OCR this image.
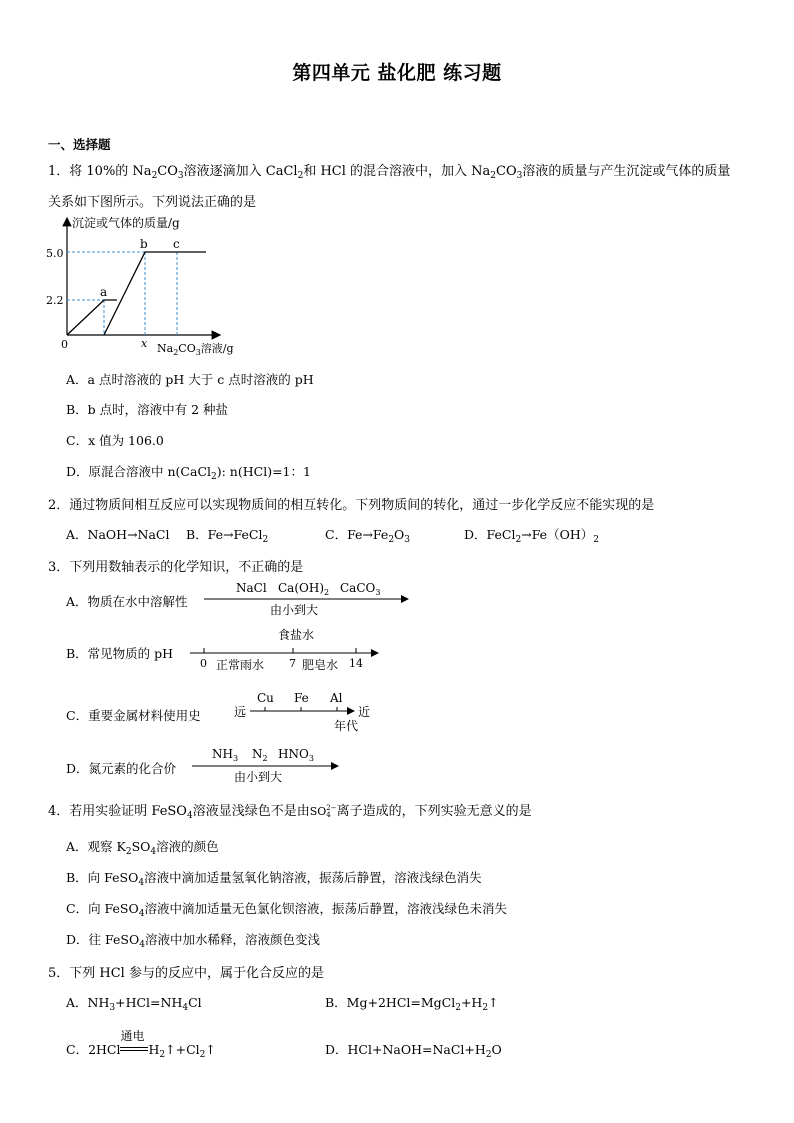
第四单元 盐化肥 练习题
一、选择题
1．将 10%的 $Na_2CO_3$溶液逐滴加入 CaCl$_2$和 HCl 的混合溶液中，加入 $Na_2CO_3$溶液的质量与产生沉淀或气体的质量
关系如下图所示。下列说法正确的是
沉淀或气体的质量/g
5.0
2.2
0
a
b c
x $Na_2CO_3$溶液/g
A．a 点时溶液的 pH 大于 c 点时溶液的 pH
B．b 点时，溶液中有 2 种盐
C．x 值为 106.0
D．原混合溶液中 n(CaCl$_2$): n(HCl)=1：1
2．通过物质间相互反应可以实现物质间的相互转化。下列物质间的转化，通过一步化学反应不能实现的是
A．NaOH→NaCl B．Fe→FeCl$_2$	C．$Fe\to Fe_2O_3$	D．$FeCl_2\to Fe(OH)_2$
3．下列用数轴表示的化学知识，不正确的是
A．物质在水中溶解性
NaCl $Ca(OH)_2$ CaCO$_3$
由小到大
B．常见物质的 pH
食盐水
0 正常雨水 7 肥皂水 14
C．重要金属材料使用史
Cu Fe Al
远	近
年代
D．氮元素的化合价
$NH_3$ $N_2$ $HNO_3$
由小到大
4．若用实验证明 FeSO$_4$溶液显浅绿色不是由SO2−
4 离子造成的，下列实验无意义的是
A．观察 $K_2SO_4$溶液的颜色
B．向 FeSO$_4$溶液中滴加适量氢氧化钠溶液，振荡后静置，溶液浅绿色消失
C．向 FeSO$_4$溶液中滴加适量无色氯化钡溶液，振荡后静置，溶液浅绿色未消失
D．往 FeSO$_4$溶液中加水稀释，溶液颜色变浅
5．下列 HCl 参与的反应中，属于化合反应的是
A．$NH_3+HCl=NH_4Cl$	B．$Mg+2HCl=MgCl_2+H_2↑$
C．2HCl
通电
$H_2↑+Cl_2↑$	D．$HCl+NaOH=NaCl+H_2O$
